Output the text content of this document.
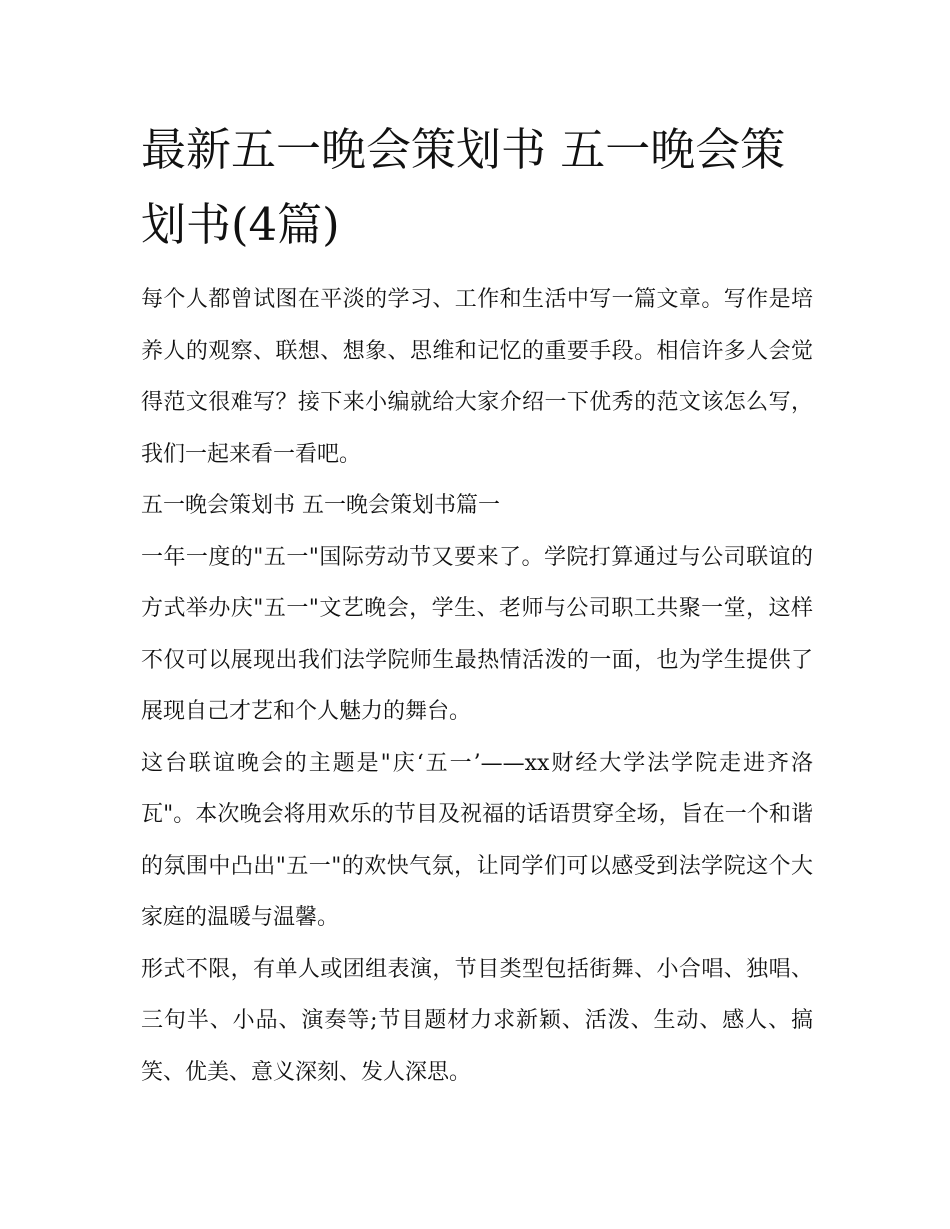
最新五一晚会策划书 五一晚会策划书(4篇)

每个人都曾试图在平淡的学习、工作和生活中写一篇文章。写作是培养人的观察、联想、想象、思维和记忆的重要手段。相信许多人会觉得范文很难写？接下来小编就给大家介绍一下优秀的范文该怎么写，我们一起来看一看吧。

五一晚会策划书 五一晚会策划书篇一

一年一度的"五一"国际劳动节又要来了。学院打算通过与公司联谊的方式举办庆"五一"文艺晚会，学生、老师与公司职工共聚一堂，这样不仅可以展现出我们法学院师生最热情活泼的一面，也为学生提供了展现自己才艺和个人魅力的舞台。

这台联谊晚会的主题是"庆‘五一’——xx财经大学法学院走进齐洛瓦"。本次晚会将用欢乐的节目及祝福的话语贯穿全场，旨在一个和谐的氛围中凸出"五一"的欢快气氛，让同学们可以感受到法学院这个大家庭的温暖与温馨。

形式不限，有单人或团组表演，节目类型包括街舞、小合唱、独唱、三句半、小品、演奏等;节目题材力求新颖、活泼、生动、感人、搞笑、优美、意义深刻、发人深思。
